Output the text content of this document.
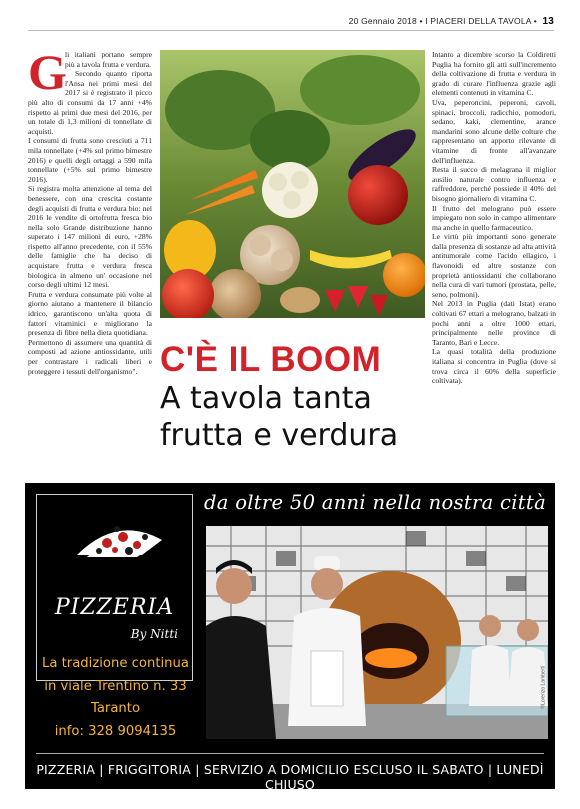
20 Gennaio 2018 • I PIACERI DELLA TAVOLA • 13
G

li italiani portano sempre più a tavola frutta e verdura.

Secondo quanto riporta l'Ansa nei primi mesi del 2017 si è registrato il picco più alto di consumi da 17 anni +4% rispetto ai primi due mesi del 2016, per un totale di 1,3 milioni di tonnellate di acquisti.

I consumi di frutta sono cresciuti a 711 mila tonnellate (+4% sul primo bimestre 2016) e quelli degli ortaggi a 590 mila tonnellate (+5% sul primo bimestre 2016).

Si registra molta attenzione al tema del benessere, con una crescita costante degli acquisti di frutta e verdura bio: nel 2016 le vendite di ortofrutta fresca bio nella solo Grande distribuzione hanno superato i 147 milioni di euro, +28% rispetto all'anno precedente, con il 55% delle famiglie che ha deciso di acquistare frutta e verdura fresca biologica in almeno un' occasione nel corso degli ultimi 12 mesi.

Frutta e verdura consumate più volte al giorno aiutano a mantenere il bilancio idrico, garantiscono un'alta quota di fattori vitaminici e migliorano la presenza di fibre nella dieta quotidiana.

Permettono di assumere una quantità di composti ad azione antiossidante, utili per contrastare i radicali liberi e proteggere i tessuti dell'organismo". C'È IL BOOM
A tavola tanta
frutta e verdura

Intanto a dicembre scorso la Coldiretti Puglia ha fornito gli atti sull'incremento della coltivazione di frutta e verdura in grado di curare l'influenza grazie agli elementi contenuti in vitamina C.

Uva, peperoncini, peperoni, cavoli, spinaci, broccoli, radicchio, pomodori, sedano, kaki, clementine, arance mandarini sono alcune delle colture che rappresentano un apporto rilevante di vitamine di fronte all'avanzare dell'influenza.

Resta il succo di melagrana il miglior ausilio naturale contro influenza e raffreddore, perché possiede il 40% del bisogno giornaliero di vitamina C.

Il frutto del melograno può essere impiegato non solo in campo alimentare ma anche in quello farmaceutico.

Le virtù più importanti sono generate dalla presenza di sostanze ad alta attività antitumorale come l'acido ellagico, i flavonoidi ed altre sostanze con proprietà antiossidanti che collaborano nella cura di vari tumori (prostata, pelle, seno, polmoni).

Nel 2013 in Puglia (dati Istat) erano coltivati 67 ettari a melograno, balzati in pochi anni a oltre 1000 ettari, principalmente nelle province di Taranto, Bari e Lecce.

La quasi totalità della produzione italiana si concentra in Puglia (dove si trova circa il 60% della superficie coltivata).

da oltre 50 anni nella nostra città
PIZZERIA
By Nitti
La tradizione continua
in viale Trentino n. 33
Taranto
info: 328 9094135
©Lorenzo Lamberti
PIZZERIA | FRIGGITORIA | SERVIZIO A DOMICILIO ESCLUSO IL SABATO | LUNEDÌ CHIUSO
